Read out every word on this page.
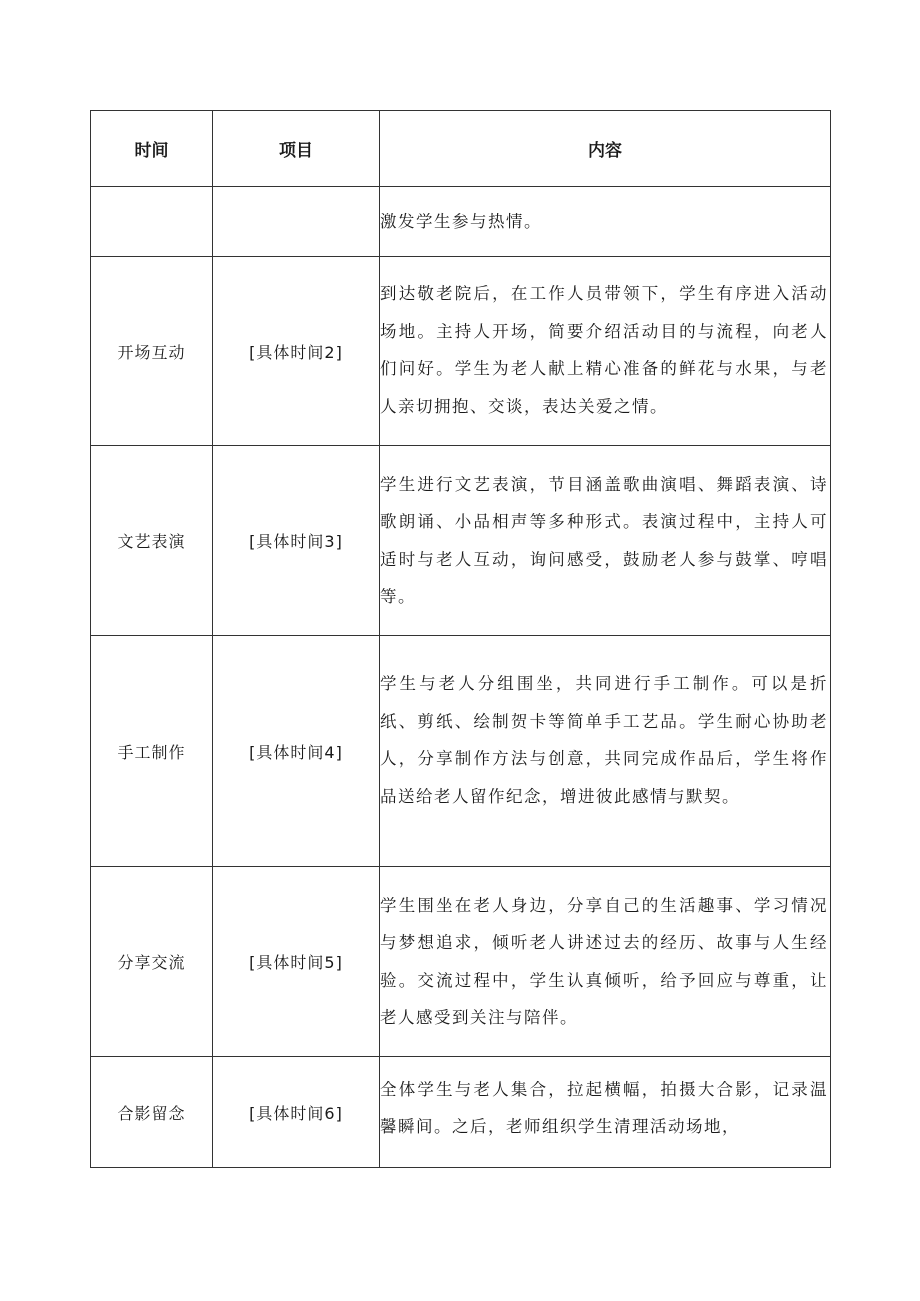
时间	项目	内容

		激发学生参与热情。

开场互动	[具体时间2]	到达敬老院后，在工作人员带领下，学生有序进入活动场地。主持人开场，简要介绍活动目的与流程，向老人们问好。学生为老人献上精心准备的鲜花与水果，与老人亲切拥抱、交谈，表达关爱之情。

文艺表演	[具体时间3]	学生进行文艺表演，节目涵盖歌曲演唱、舞蹈表演、诗歌朗诵、小品相声等多种形式。表演过程中，主持人可适时与老人互动，询问感受，鼓励老人参与鼓掌、哼唱等。

手工制作	[具体时间4]	学生与老人分组围坐，共同进行手工制作。可以是折纸、剪纸、绘制贺卡等简单手工艺品。学生耐心协助老人，分享制作方法与创意，共同完成作品后，学生将作品送给老人留作纪念，增进彼此感情与默契。

分享交流	[具体时间5]	学生围坐在老人身边，分享自己的生活趣事、学习情况与梦想追求，倾听老人讲述过去的经历、故事与人生经验。交流过程中，学生认真倾听，给予回应与尊重，让老人感受到关注与陪伴。

合影留念	[具体时间6]	全体学生与老人集合，拉起横幅，拍摄大合影，记录温馨瞬间。之后，老师组织学生清理活动场地，
